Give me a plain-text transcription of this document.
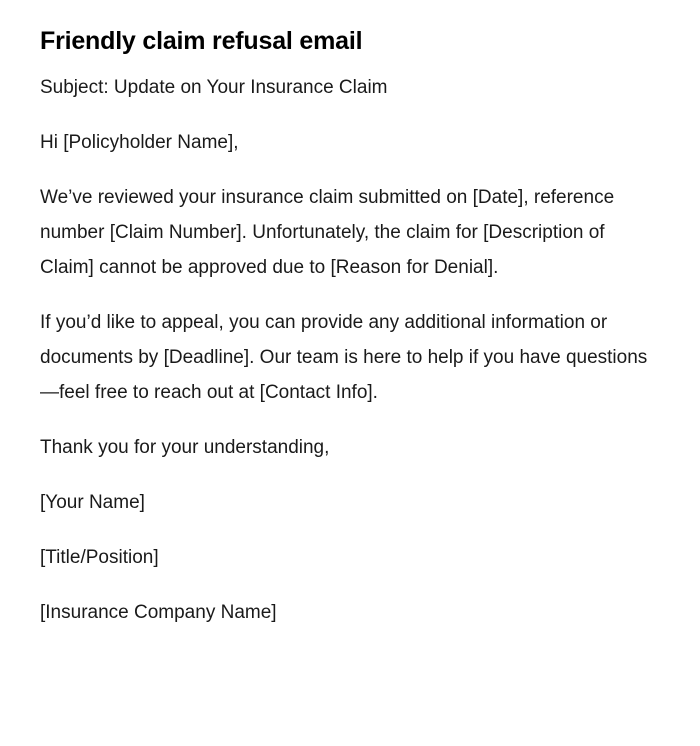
Friendly claim refusal email

Subject: Update on Your Insurance Claim

Hi [Policyholder Name],

We’ve reviewed your insurance claim submitted on [Date], reference number [Claim Number]. Unfortunately, the claim for [Description of Claim] cannot be approved due to [Reason for Denial].

If you’d like to appeal, you can provide any additional information or documents by [Deadline]. Our team is here to help if you have questions—feel free to reach out at [Contact Info].

Thank you for your understanding,

[Your Name]

[Title/Position]

[Insurance Company Name]
